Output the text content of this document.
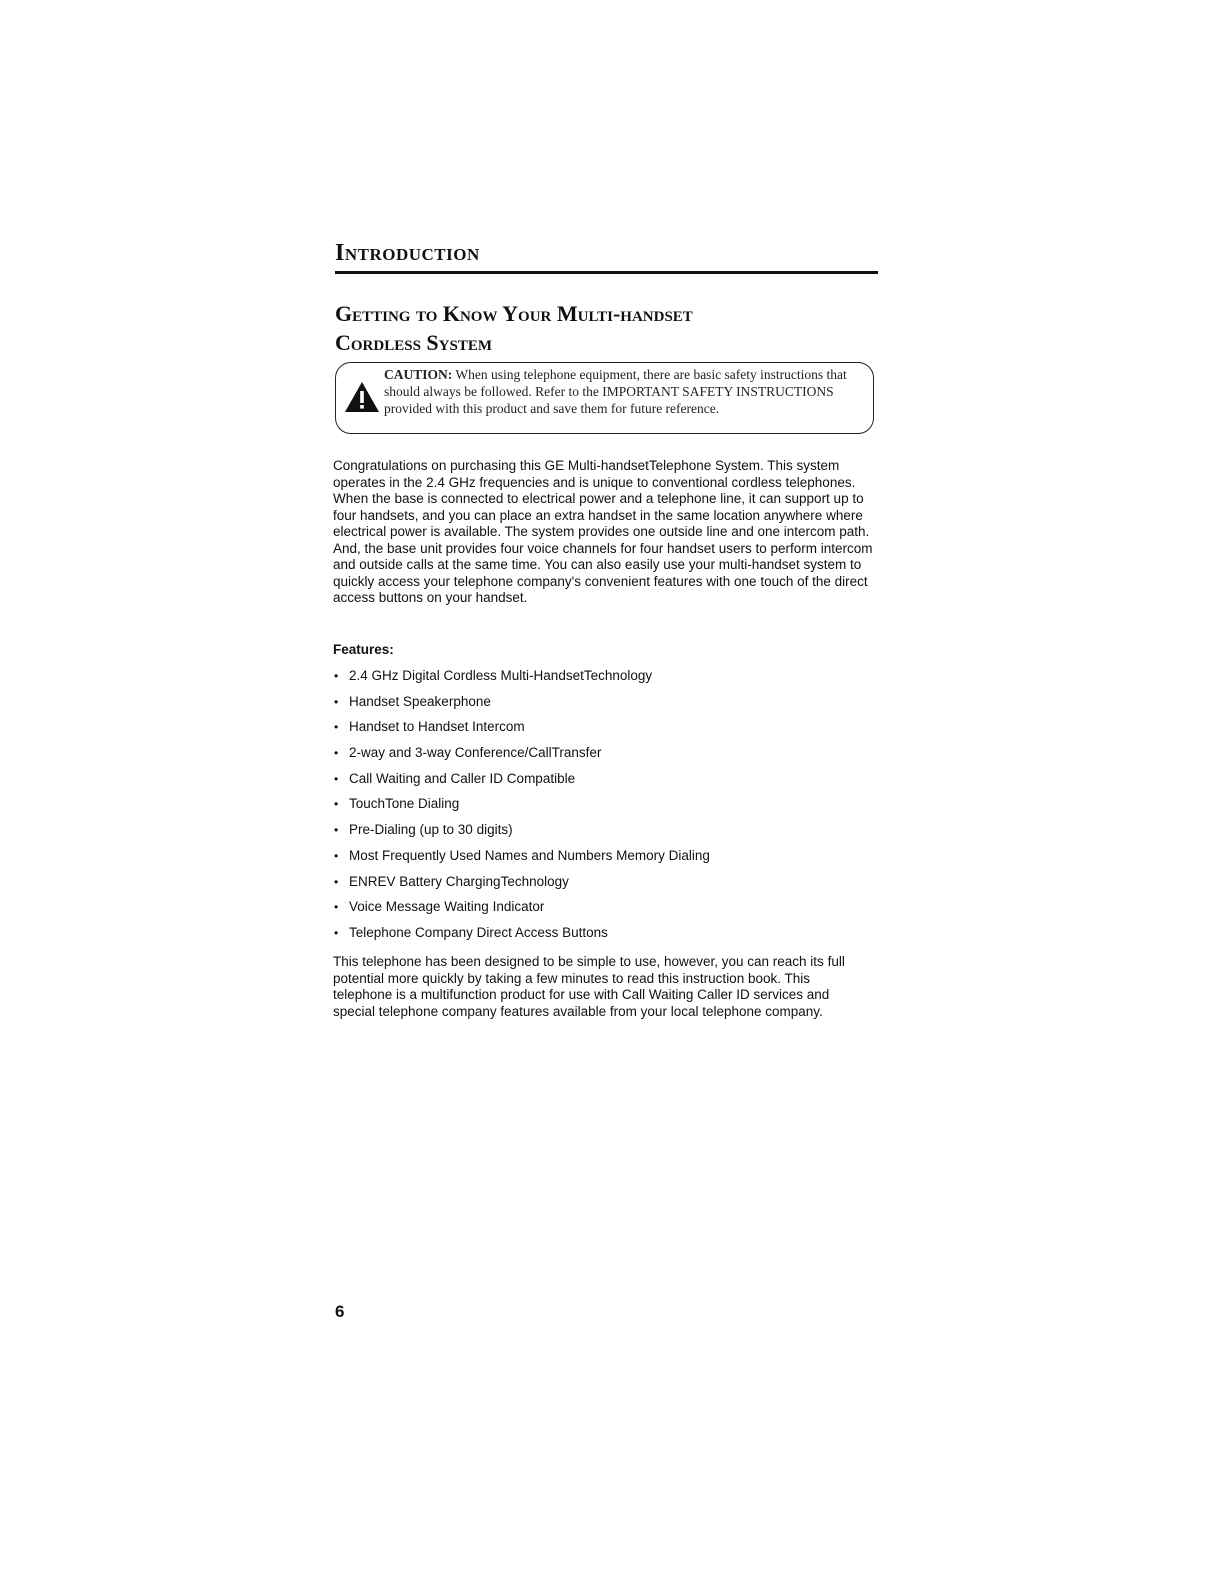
Introduction
Getting to Know Your Multi-handset
Cordless System

CAUTION: When using telephone equipment, there are basic safety instructions that should always be followed. Refer to the IMPORTANT SAFETY INSTRUCTIONS provided with this product and save them for future reference.

Congratulations on purchasing this GE Multi-handsetTelephone System. This system operates in the 2.4 GHz frequencies and is unique to conventional cordless telephones. When the base is connected to electrical power and a telephone line, it can support up to four handsets, and you can place an extra handset in the same location anywhere where electrical power is available. The system provides one outside line and one intercom path. And, the base unit provides four voice channels for four handset users to perform intercom and outside calls at the same time. You can also easily use your multi-handset system to quickly access your telephone company's convenient features with one touch of the direct access buttons on your handset.

Features:

• 2.4 GHz Digital Cordless Multi-HandsetTechnology
• Handset Speakerphone
• Handset to Handset Intercom
• 2-way and 3-way Conference/CallTransfer
• Call Waiting and Caller ID Compatible
• TouchTone Dialing
• Pre-Dialing (up to 30 digits)
• Most Frequently Used Names and Numbers Memory Dialing
• ENREV Battery ChargingTechnology
• Voice Message Waiting Indicator
• Telephone Company Direct Access Buttons

This telephone has been designed to be simple to use, however, you can reach its full potential more quickly by taking a few minutes to read this instruction book. This telephone is a multifunction product for use with Call Waiting Caller ID services and special telephone company features available from your local telephone company.

6
